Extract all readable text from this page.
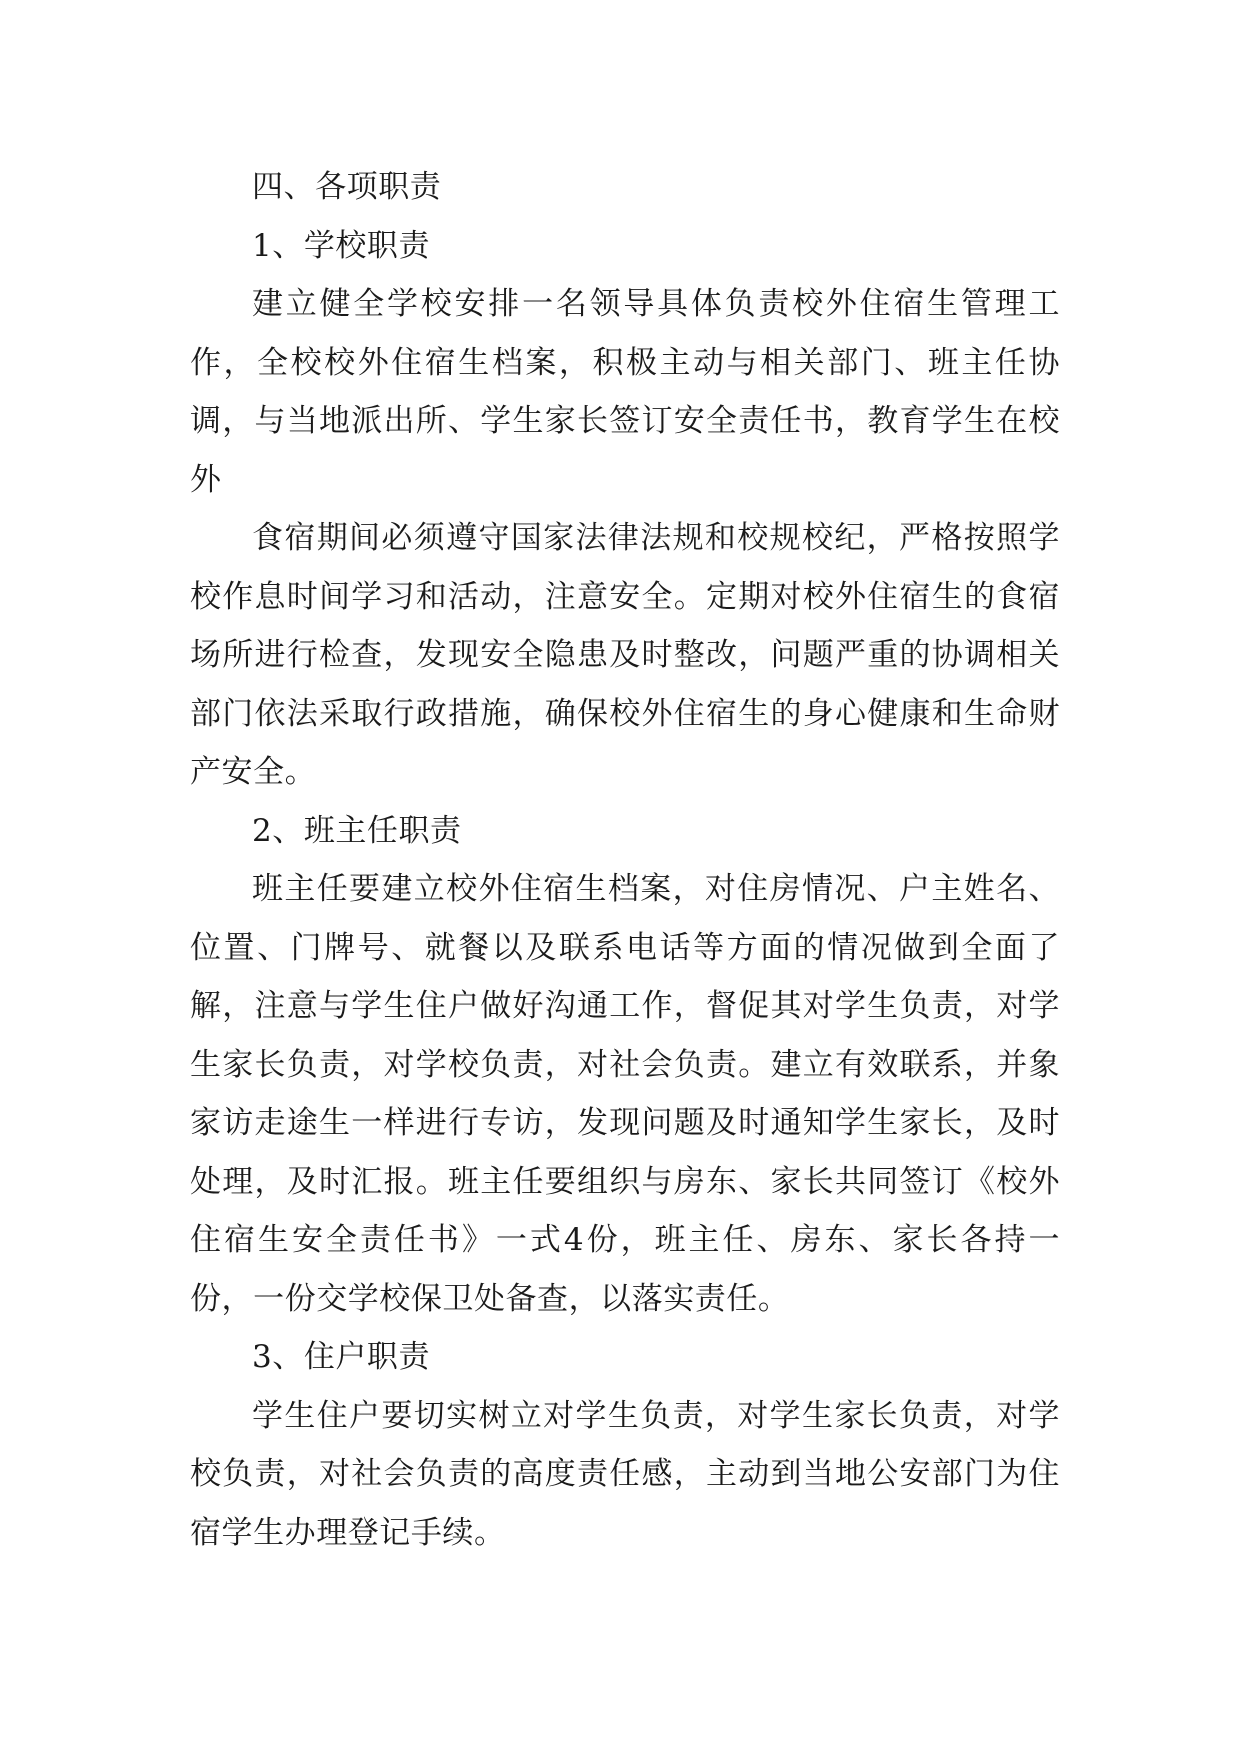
四、各项职责

1、学校职责

建立健全学校安排一名领导具体负责校外住宿生管理工作，全校校外住宿生档案，积极主动与相关部门、班主任协调，与当地派出所、学生家长签订安全责任书，教育学生在校外

食宿期间必须遵守国家法律法规和校规校纪，严格按照学校作息时间学习和活动，注意安全。定期对校外住宿生的食宿场所进行检查，发现安全隐患及时整改，问题严重的协调相关部门依法采取行政措施，确保校外住宿生的身心健康和生命财产安全。

2、班主任职责

班主任要建立校外住宿生档案，对住房情况、户主姓名、位置、门牌号、就餐以及联系电话等方面的情况做到全面了解，注意与学生住户做好沟通工作，督促其对学生负责，对学生家长负责，对学校负责，对社会负责。建立有效联系，并象家访走途生一样进行专访，发现问题及时通知学生家长，及时处理，及时汇报。班主任要组织与房东、家长共同签订《校外住宿生安全责任书》一式4份，班主任、房东、家长各持一份，一份交学校保卫处备查，以落实责任。

3、住户职责

学生住户要切实树立对学生负责，对学生家长负责，对学校负责，对社会负责的高度责任感，主动到当地公安部门为住宿学生办理登记手续。
